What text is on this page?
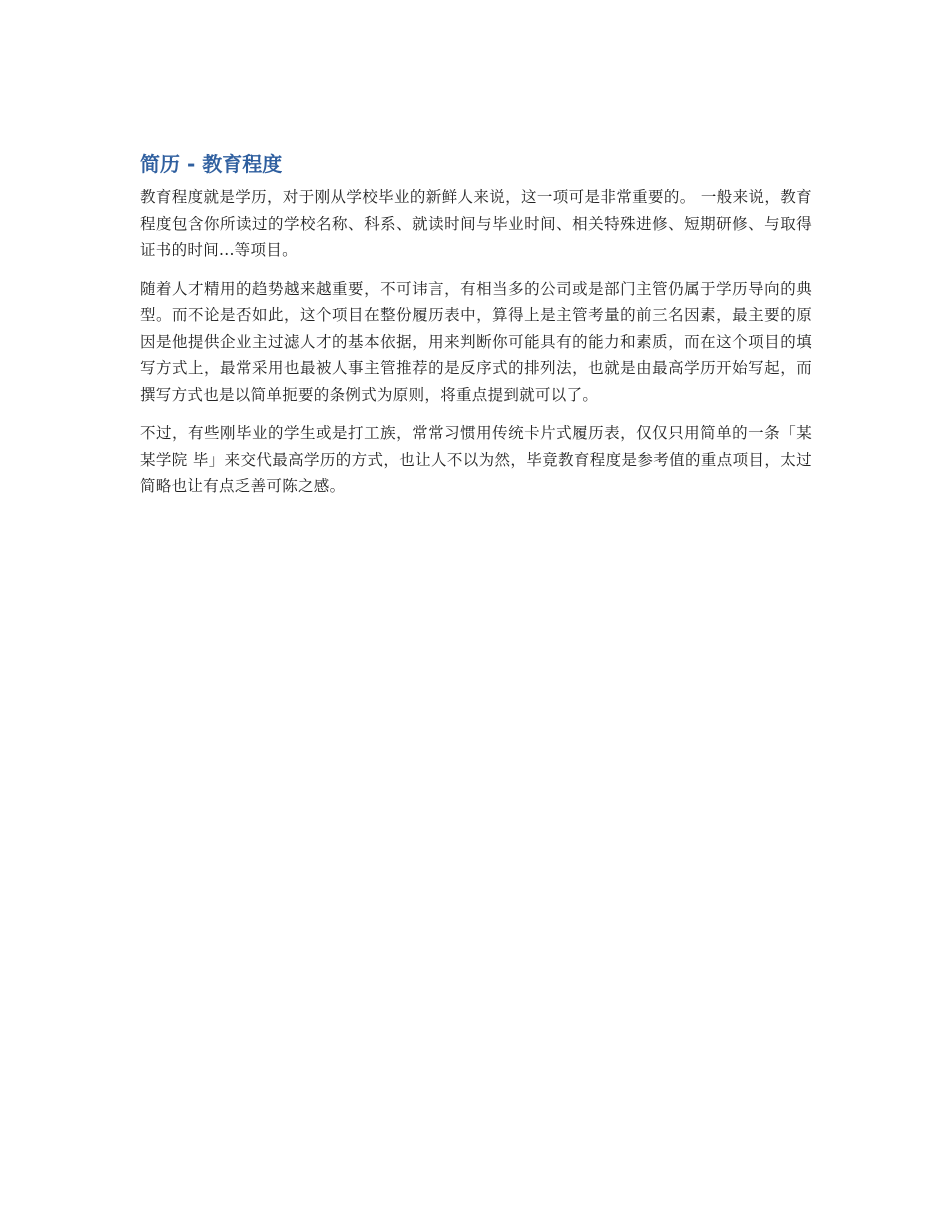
简历 - 教育程度

教育程度就是学历，对于刚从学校毕业的新鲜人来说，这一项可是非常重要的。 一般来说，教育程度包含你所读过的学校名称、科系、就读时间与毕业时间、相关特殊进修、短期研修、与取得证书的时间...等项目。

随着人才精用的趋势越来越重要，不可讳言，有相当多的公司或是部门主管仍属于学历导向的典型。而不论是否如此，这个项目在整份履历表中，算得上是主管考量的前三名因素，最主要的原因是他提供企业主过滤人才的基本依据，用来判断你可能具有的能力和素质，而在这个项目的填写方式上，最常采用也最被人事主管推荐的是反序式的排列法，也就是由最高学历开始写起，而撰写方式也是以简单扼要的条例式为原则，将重点提到就可以了。

不过，有些刚毕业的学生或是打工族，常常习惯用传统卡片式履历表，仅仅只用简单的一条「某某学院 毕」来交代最高学历的方式，也让人不以为然，毕竟教育程度是参考值的重点项目，太过简略也让有点乏善可陈之感。
